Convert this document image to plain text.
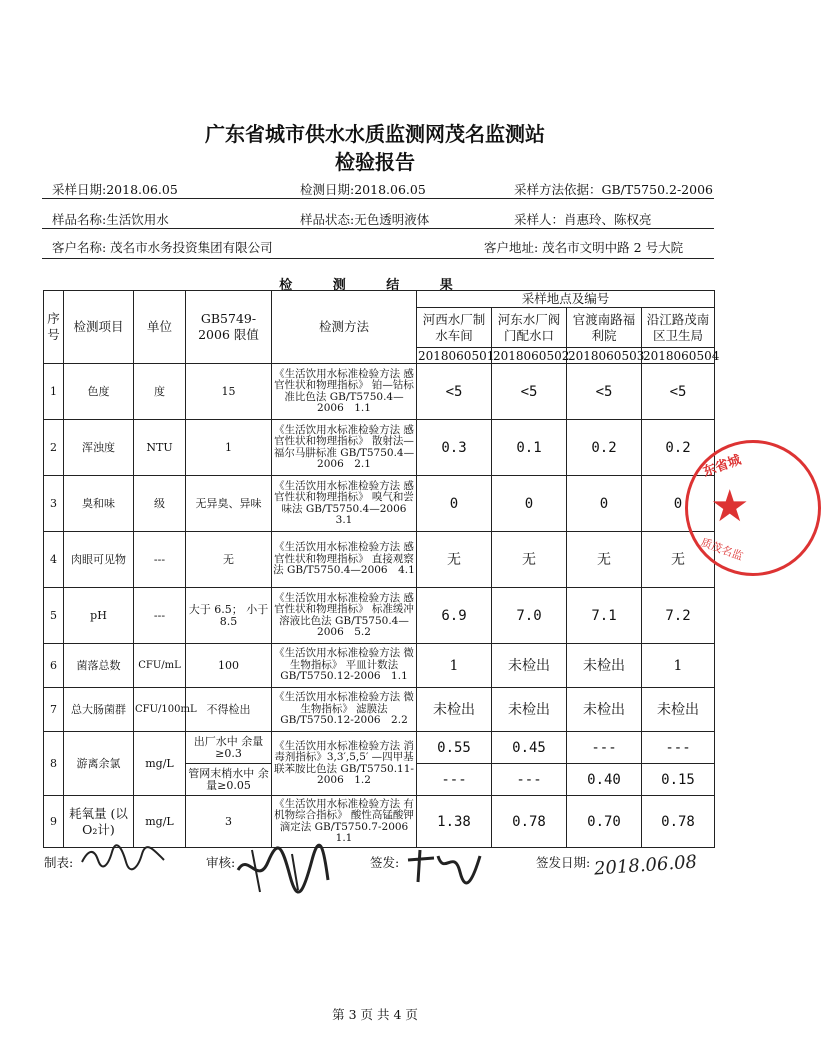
广东省城市供水水质监测网茂名监测站
检验报告
采样日期:2018.06.05	检测日期:2018.06.05	采样方法依据：GB/T5750.2-2006
样品名称:生活饮用水	样品状态:无色透明液体	采样人：肖惠玲、陈权亮
客户名称: 茂名市水务投资集团有限公司	客户地址: 茂名市文明中路 2 号大院
检 测 结 果
序号	检测项目	单位	GB5749-2006 限值	检测方法	采样地点及编号			
					河西水厂制水车间	河东水厂阀门配水口	官渡南路福利院	沿江路茂南区卫生局
					2018060501	2018060502	2018060503	2018060504
1	色度	度	15	《生活饮用水标准检验方法 感官性状和物理指标》 铂—钴标准比色法 GB/T5750.4—2006　1.1	<5	<5	<5	<5
2	浑浊度	NTU	1	《生活饮用水标准检验方法 感官性状和物理指标》 散射法—福尔马肼标准 GB/T5750.4—2006　2.1	0.3	0.1	0.2	0.2
3	臭和味	级	无异臭、异味	《生活饮用水标准检验方法 感官性状和物理指标》 嗅气和尝味法 GB/T5750.4—2006　3.1	0	0	0	0
4	肉眼可见物	---	无	《生活饮用水标准检验方法 感官性状和物理指标》 直接观察法 GB/T5750.4—2006　4.1	无	无	无	无
5	pH	---	大于 6.5； 小于 8.5	《生活饮用水标准检验方法 感官性状和物理指标》 标准缓冲溶液比色法 GB/T5750.4—2006　5.2	6.9	7.0	7.1	7.2
6	菌落总数	CFU/mL	100	《生活饮用水标准检验方法 微生物指标》 平皿计数法 GB/T5750.12-2006　1.1	1	未检出	未检出	1
7	总大肠菌群	CFU/100mL	不得检出	《生活饮用水标准检验方法 微生物指标》 滤膜法 GB/T5750.12-2006　2.2	未检出	未检出	未检出	未检出
8	游离余氯	mg/L	出厂水中 余量≥0.3	《生活饮用水标准检验方法 消毒剂指标》3,3′,5,5′ —四甲基联苯胺比色法 GB/T5750.11-2006　1.2	0.55	0.45	---	---
			管网末梢水中 余量≥0.05		---	---	0.40	0.15
9	耗氧量 (以O₂计)	mg/L	3	《生活饮用水标准检验方法 有机物综合指标》 酸性高锰酸钾滴定法 GB/T5750.7-2006　1.1	1.38	0.78	0.70	0.78
东省城
★
质茂名监
制表:	审核:	签发:	签发日期: 2018.06.08
第 3 页 共 4 页
